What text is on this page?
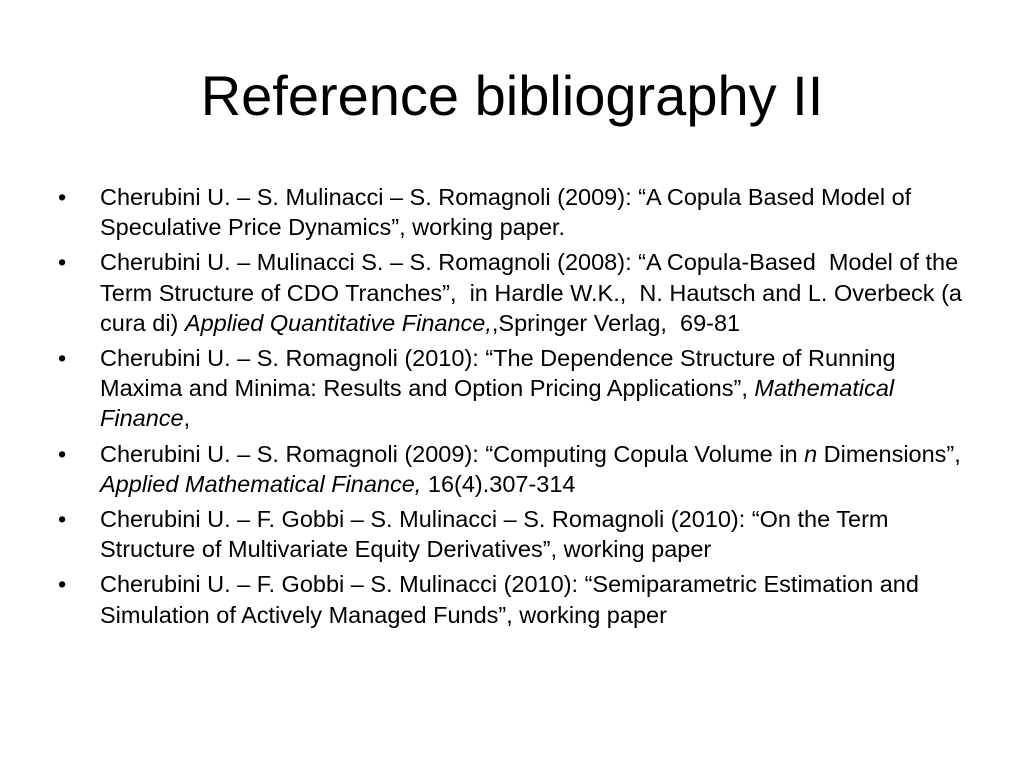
Reference bibliography II
• Cherubini U. – S. Mulinacci – S. Romagnoli (2009): “A Copula Based Model of Speculative Price Dynamics”, working paper.
• Cherubini U. – Mulinacci S. – S. Romagnoli (2008): “A Copula-Based  Model of the Term Structure of CDO Tranches”,  in Hardle W.K.,  N. Hautsch and L. Overbeck (a cura di) Applied Quantitative Finance,,Springer Verlag,  69-81
• Cherubini U. – S. Romagnoli (2010): “The Dependence Structure of Running Maxima and Minima: Results and Option Pricing Applications”, Mathematical Finance,
• Cherubini U. – S. Romagnoli (2009): “Computing Copula Volume in n Dimensions”, Applied Mathematical Finance, 16(4).307-314
• Cherubini U. – F. Gobbi – S. Mulinacci – S. Romagnoli (2010): “On the Term Structure of Multivariate Equity Derivatives”, working paper
• Cherubini U. – F. Gobbi – S. Mulinacci (2010): “Semiparametric Estimation and Simulation of Actively Managed Funds”, working paper
